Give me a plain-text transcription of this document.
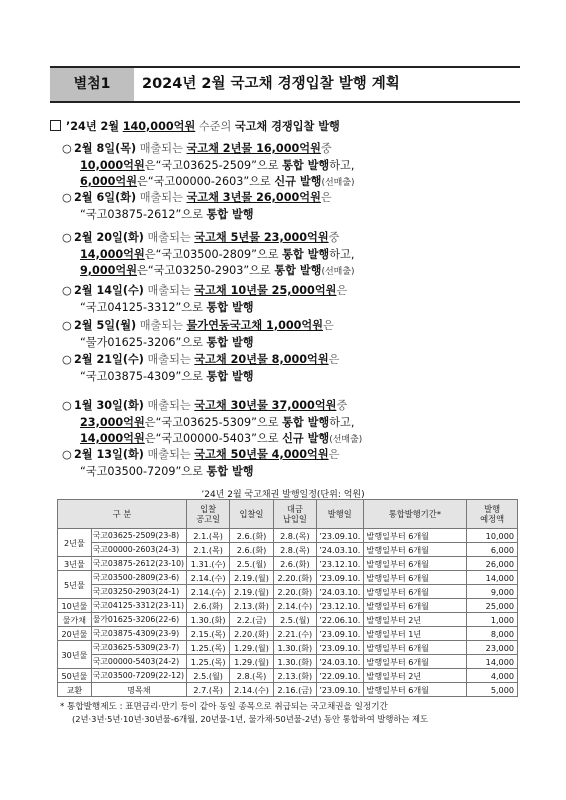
별첨1	2024년 2월 국고채 경쟁입찰 발행 계획
’24년 2월 140,000억원 수준의 국고채 경쟁입찰 발행
○ 2월 8일(목) 매출되는 국고채 2년물 16,000억원중
10,000억원은“국고03625-2509”으로 통합 발행하고,
6,000억원은“국고00000-2603”으로 신규 발행(선매출)
○ 2월 6일(화) 매출되는 국고채 3년물 26,000억원은
“국고03875-2612”으로 통합 발행
○ 2월 20일(화) 매출되는 국고채 5년물 23,000억원중
14,000억원은“국고03500-2809”으로 통합 발행하고,
9,000억원은“국고03250-2903”으로 통합 발행(선매출)
○ 2월 14일(수) 매출되는 국고채 10년물 25,000억원은
“국고04125-3312”으로 통합 발행
○ 2월 5일(월) 매출되는 물가연동국고채 1,000억원은
“물가01625-3206”으로 통합 발행
○ 2월 21일(수) 매출되는 국고채 20년물 8,000억원은
“국고03875-4309”으로 통합 발행
○ 1월 30일(화) 매출되는 국고채 30년물 37,000억원중
23,000억원은“국고03625-5309”으로 통합 발행하고,
14,000억원은“국고00000-5403”으로 신규 발행(선매출)
○ 2월 13일(화) 매출되는 국고채 50년물 4,000억원은
“국고03500-7209”으로 통합 발행
’24년 2월 국고채권 발행일정(단위: 억원)
구 분		입찰
공고일	입찰일	대금
납입일	발행일	통합발행기간*	발행
예정액
2년물	국고03625-2509(23-8)	2.1.(목)	2.6.(화)	2.8.(목)	’23.09.10.	발행일부터 6개월	10,000
	국고00000-2603(24-3)	2.1.(목)	2.6.(화)	2.8.(목)	’24.03.10.	발행일부터 6개월	6,000
3년물	국고03875-2612(23-10)	1.31.(수)	2.5.(월)	2.6.(화)	’23.12.10.	발행일부터 6개월	26,000
5년물	국고03500-2809(23-6)	2.14.(수)	2.19.(월)	2.20.(화)	’23.09.10.	발행일부터 6개월	14,000
	국고03250-2903(24-1)	2.14.(수)	2.19.(월)	2.20.(화)	’24.03.10.	발행일부터 6개월	9,000
10년물	국고04125-3312(23-11)	2.6.(화)	2.13.(화)	2.14.(수)	’23.12.10.	발행일부터 6개월	25,000
물가채	물가01625-3206(22-6)	1.30.(화)	2.2.(금)	2.5.(월)	’22.06.10.	발행일부터 2년	1,000
20년물	국고03875-4309(23-9)	2.15.(목)	2.20.(화)	2.21.(수)	’23.09.10.	발행일부터 1년	8,000
30년물	국고03625-5309(23-7)	1.25.(목)	1.29.(월)	1.30.(화)	’23.09.10.	발행일부터 6개월	23,000
	국고00000-5403(24-2)	1.25.(목)	1.29.(월)	1.30.(화)	’24.03.10.	발행일부터 6개월	14,000
50년물	국고03500-7209(22-12)	2.5.(월)	2.8.(목)	2.13.(화)	’22.09.10.	발행일부터 2년	4,000
교환	명목채	2.7.(목)	2.14.(수)	2.16.(금)	’23.09.10.	발행일부터 6개월	5,000
* 통합발행제도 : 표면금리·만기 등이 같아 동일 종목으로 취급되는 국고채권을 일정기간
(2년·3년·5년·10년·30년물-6개월, 20년물-1년, 물가채·50년물-2년) 동안 통합하여 발행하는 제도
